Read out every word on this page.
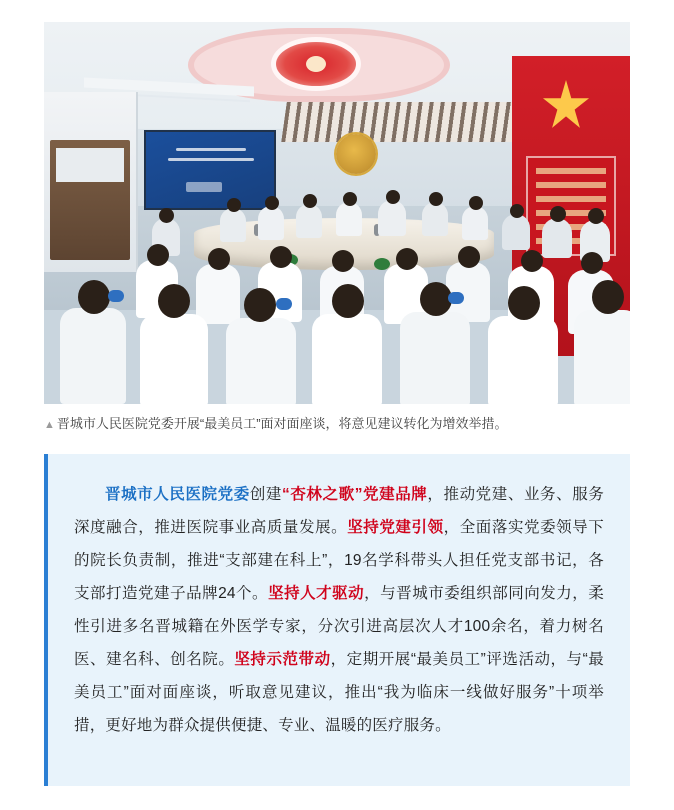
▲ 晋城市人民医院党委开展“最美员工”面对面座谈，将意见建议转化为增效举措。
晋城市人民医院党委创建“杏林之歌”党建品牌，推动党建、业务、服务深度融合，推进医院事业高质量发展。坚持党建引领，全面落实党委领导下的院长负责制，推进“支部建在科上”，19名学科带头人担任党支部书记，各支部打造党建子品牌24个。坚持人才驱动，与晋城市委组织部同向发力，柔性引进多名晋城籍在外医学专家，分次引进高层次人才100余名，着力树名医、建名科、创名院。坚持示范带动，定期开展“最美员工”评选活动，与“最美员工”面对面座谈，听取意见建议，推出“我为临床一线做好服务”十项举措，更好地为群众提供便捷、专业、温暖的医疗服务。
